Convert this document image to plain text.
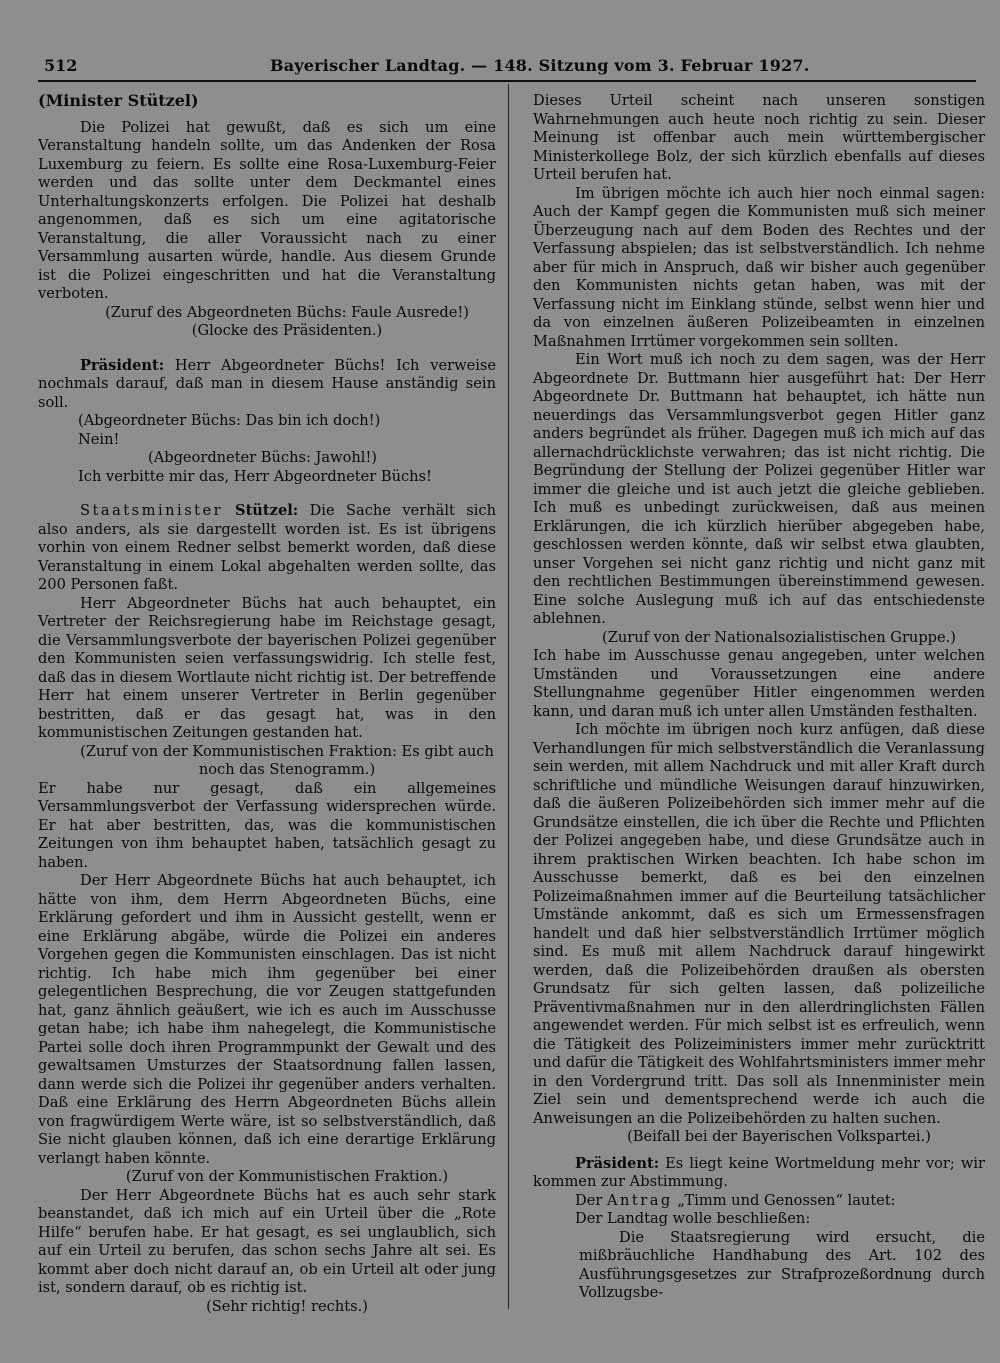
512	Bayerischer Landtag. — 148. Sitzung vom 3. Februar 1927.

(Minister Stützel)

Die Polizei hat gewußt, daß es sich um eine Veranstaltung handeln sollte, um das Andenken der Rosa Luxemburg zu feiern. Es sollte eine Rosa-Luxemburg-Feier werden und das sollte unter dem Deckmantel eines Unterhaltungskonzerts erfolgen. Die Polizei hat deshalb angenommen, daß es sich um eine agitatorische Veranstaltung, die aller Voraussicht nach zu einer Versammlung ausarten würde, handle. Aus diesem Grunde ist die Polizei eingeschritten und hat die Veranstaltung verboten.

(Zuruf des Abgeordneten Büchs: Faule Ausrede!)

(Glocke des Präsidenten.)

Präsident: Herr Abgeordneter Büchs! Ich verweise nochmals darauf, daß man in diesem Hause anständig sein soll.

(Abgeordneter Büchs: Das bin ich doch!)

Nein!

(Abgeordneter Büchs: Jawohl!)

Ich verbitte mir das, Herr Abgeordneter Büchs!

Staatsminister Stützel: Die Sache verhält sich also anders, als sie dargestellt worden ist. Es ist übrigens vorhin von einem Redner selbst bemerkt worden, daß diese Veranstaltung in einem Lokal abgehalten werden sollte, das 200 Personen faßt.

Herr Abgeordneter Büchs hat auch behauptet, ein Vertreter der Reichsregierung habe im Reichstage gesagt, die Versammlungsverbote der bayerischen Polizei gegenüber den Kommunisten seien verfassungswidrig. Ich stelle fest, daß das in diesem Wortlaute nicht richtig ist. Der betreffende Herr hat einem unserer Vertreter in Berlin gegenüber bestritten, daß er das gesagt hat, was in den kommunistischen Zeitungen gestanden hat.

(Zuruf von der Kommunistischen Fraktion: Es gibt auch noch das Stenogramm.)

Er habe nur gesagt, daß ein allgemeines Versammlungsverbot der Verfassung widersprechen würde. Er hat aber bestritten, das, was die kommunistischen Zeitungen von ihm behauptet haben, tatsächlich gesagt zu haben.

Der Herr Abgeordnete Büchs hat auch behauptet, ich hätte von ihm, dem Herrn Abgeordneten Büchs, eine Erklärung gefordert und ihm in Aussicht gestellt, wenn er eine Erklärung abgäbe, würde die Polizei ein anderes Vorgehen gegen die Kommunisten einschlagen. Das ist nicht richtig. Ich habe mich ihm gegenüber bei einer gelegentlichen Besprechung, die vor Zeugen stattgefunden hat, ganz ähnlich geäußert, wie ich es auch im Ausschusse getan habe; ich habe ihm nahegelegt, die Kommunistische Partei solle doch ihren Programmpunkt der Gewalt und des gewaltsamen Umsturzes der Staatsordnung fallen lassen, dann werde sich die Polizei ihr gegenüber anders verhalten. Daß eine Erklärung des Herrn Abgeordneten Büchs allein von fragwürdigem Werte wäre, ist so selbstverständlich, daß Sie nicht glauben können, daß ich eine derartige Erklärung verlangt haben könnte.

(Zuruf von der Kommunistischen Fraktion.)

Der Herr Abgeordnete Büchs hat es auch sehr stark beanstandet, daß ich mich auf ein Urteil über die „Rote Hilfe“ berufen habe. Er hat gesagt, es sei unglaublich, sich auf ein Urteil zu berufen, das schon sechs Jahre alt sei. Es kommt aber doch nicht darauf an, ob ein Urteil alt oder jung ist, sondern darauf, ob es richtig ist.

(Sehr richtig! rechts.)

Dieses Urteil scheint nach unseren sonstigen Wahrnehmungen auch heute noch richtig zu sein. Dieser Meinung ist offenbar auch mein württembergischer Ministerkollege Bolz, der sich kürzlich ebenfalls auf dieses Urteil berufen hat.

Im übrigen möchte ich auch hier noch einmal sagen: Auch der Kampf gegen die Kommunisten muß sich meiner Überzeugung nach auf dem Boden des Rechtes und der Verfassung abspielen; das ist selbstverständlich. Ich nehme aber für mich in Anspruch, daß wir bisher auch gegenüber den Kommunisten nichts getan haben, was mit der Verfassung nicht im Einklang stünde, selbst wenn hier und da von einzelnen äußeren Polizeibeamten in einzelnen Maßnahmen Irrtümer vorgekommen sein sollten.

Ein Wort muß ich noch zu dem sagen, was der Herr Abgeordnete Dr. Buttmann hier ausgeführt hat: Der Herr Abgeordnete Dr. Buttmann hat behauptet, ich hätte nun neuerdings das Versammlungsverbot gegen Hitler ganz anders begründet als früher. Dagegen muß ich mich auf das allernachdrücklichste verwahren; das ist nicht richtig. Die Begründung der Stellung der Polizei gegenüber Hitler war immer die gleiche und ist auch jetzt die gleiche geblieben. Ich muß es unbedingt zurückweisen, daß aus meinen Erklärungen, die ich kürzlich hierüber abgegeben habe, geschlossen werden könnte, daß wir selbst etwa glaubten, unser Vorgehen sei nicht ganz richtig und nicht ganz mit den rechtlichen Bestimmungen übereinstimmend gewesen. Eine solche Auslegung muß ich auf das entschiedenste ablehnen.

(Zuruf von der Nationalsozialistischen Gruppe.)

Ich habe im Ausschusse genau angegeben, unter welchen Umständen und Voraussetzungen eine andere Stellungnahme gegenüber Hitler eingenommen werden kann, und daran muß ich unter allen Umständen festhalten.

Ich möchte im übrigen noch kurz anfügen, daß diese Verhandlungen für mich selbstverständlich die Veranlassung sein werden, mit allem Nachdruck und mit aller Kraft durch schriftliche und mündliche Weisungen darauf hinzuwirken, daß die äußeren Polizeibehörden sich immer mehr auf die Grundsätze einstellen, die ich über die Rechte und Pflichten der Polizei angegeben habe, und diese Grundsätze auch in ihrem praktischen Wirken beachten. Ich habe schon im Ausschusse bemerkt, daß es bei den einzelnen Polizeimaßnahmen immer auf die Beurteilung tatsächlicher Umstände ankommt, daß es sich um Ermessensfragen handelt und daß hier selbstverständlich Irrtümer möglich sind. Es muß mit allem Nachdruck darauf hingewirkt werden, daß die Polizeibehörden draußen als obersten Grundsatz für sich gelten lassen, daß polizeiliche Präventivmaßnahmen nur in den allerdringlichsten Fällen angewendet werden. Für mich selbst ist es erfreulich, wenn die Tätigkeit des Polizeiministers immer mehr zurücktritt und dafür die Tätigkeit des Wohlfahrtsministers immer mehr in den Vordergrund tritt. Das soll als Innenminister mein Ziel sein und dementsprechend werde ich auch die Anweisungen an die Polizeibehörden zu halten suchen.

(Beifall bei der Bayerischen Volkspartei.)

Präsident: Es liegt keine Wortmeldung mehr vor; wir kommen zur Abstimmung.

Der Antrag „Timm und Genossen“ lautet:

Der Landtag wolle beschließen:

Die Staatsregierung wird ersucht, die mißbräuchliche Handhabung des Art. 102 des Ausführungsgesetzes zur Strafprozeßordnung durch Vollzugsbe-
